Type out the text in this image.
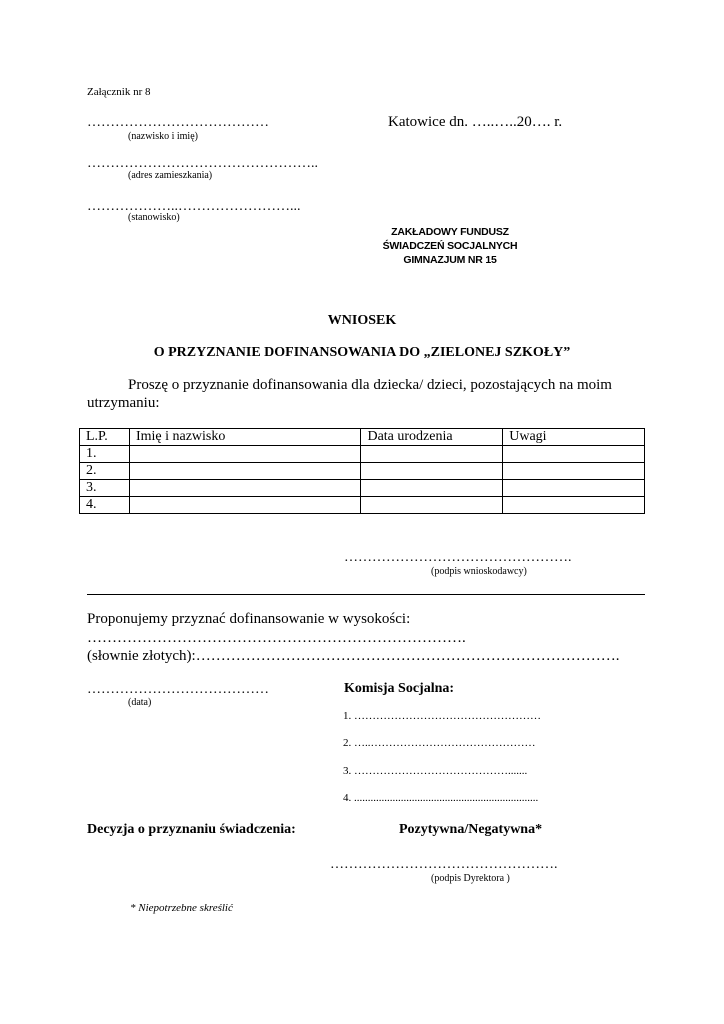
Załącznik nr 8
…………………………………
(nazwisko i imię)
Katowice dn. …..…..20…. r.
…………………………………………..
(adres zamieszkania)
………………..……………………...
(stanowisko)
ZAKŁADOWY FUNDUSZ
ŚWIADCZEŃ SOCJALNYCH
GIMNAZJUM NR 15
WNIOSEK
O PRZYZNANIE DOFINANSOWANIA DO „ZIELONEJ SZKOŁY”
Proszę o przyznanie dofinansowania dla dziecka/ dzieci, pozostających na moim
utrzymaniu:
L.P.	Imię i nazwisko	Data urodzenia	Uwagi
1.			
2.			
3.			
4.			
………………………………………….
(podpis wnioskodawcy)
Proponujemy przyznać dofinansowanie w wysokości:
………………………………………………………………….
(słownie złotych):………………………………………………………………………….
…………………………………
(data)
Komisja Socjalna:
1. ……………………………………………
2. …..………………………………………
3. …………………………………….......
4. ...................................................................
Decyzja o przyznaniu świadczenia:	Pozytywna/Negatywna*
………………………………………….
(podpis Dyrektora )
* Niepotrzebne skreślić
